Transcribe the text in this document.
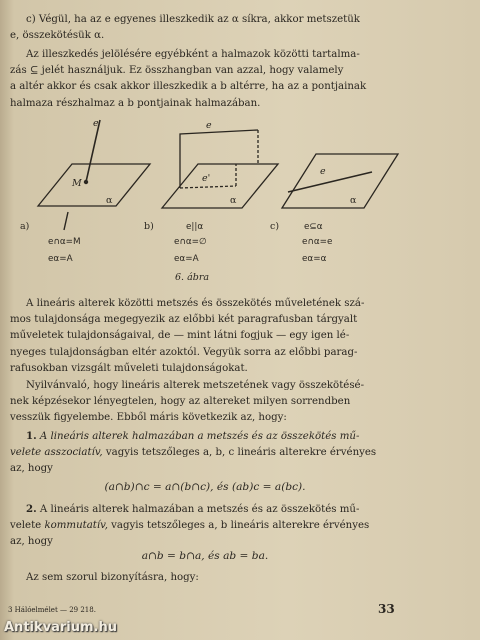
c) Végül, ha az e egyenes illeszkedik az α síkra, akkor metszetük
e, összekötésük α.
Az illeszkedés jelölésére egyébként a halmazok közötti tartalma-
zás ⊆ jelét használjuk. Ez összhangban van azzal, hogy valamely
a altér akkor és csak akkor illeszkedik a b altérre, ha az a pontjainak
halmaza részhalmaz a b pontjainak halmazában.
e
M
α
a)
e∩α=M
eα=A
e
e'
α
b)	e||α
e∩α=∅
eα=A
e
α
c)	e⊆α
e∩α=e
eα=α
6. ábra
A lineáris alterek közötti metszés és összekötés műveletének szá-
mos tulajdonsága megegyezik az előbbi két paragrafusban tárgyalt
műveletek tulajdonságaival, de — mint látni fogjuk — egy igen lé-
nyeges tulajdonságban eltér azoktól. Vegyük sorra az előbbi parag-
rafusokban vizsgált műveleti tulajdonságokat.
Nyilvánvaló, hogy lineáris alterek metszetének vagy összekötésé-
nek képzésekor lényegtelen, hogy az altereket milyen sorrendben
vesszük figyelembe. Ebből máris következik az, hogy:
1. A lineáris alterek halmazában a metszés és az összekötés mű-
velete asszociatív, vagyis tetszőleges a, b, c lineáris alterekre érvényes
az, hogy

(a∩b)∩c = a∩(b∩c), és (ab)c = a(bc).

2. A lineáris alterek halmazában a metszés és az összekötés mű-
velete kommutatív, vagyis tetszőleges a, b lineáris alterekre érvényes
az, hogy

a∩b = b∩a, és ab = ba.

Az sem szorul bizonyításra, hogy:
3 Hálóelmélet — 29 218.	33
Antikvarium.hu
